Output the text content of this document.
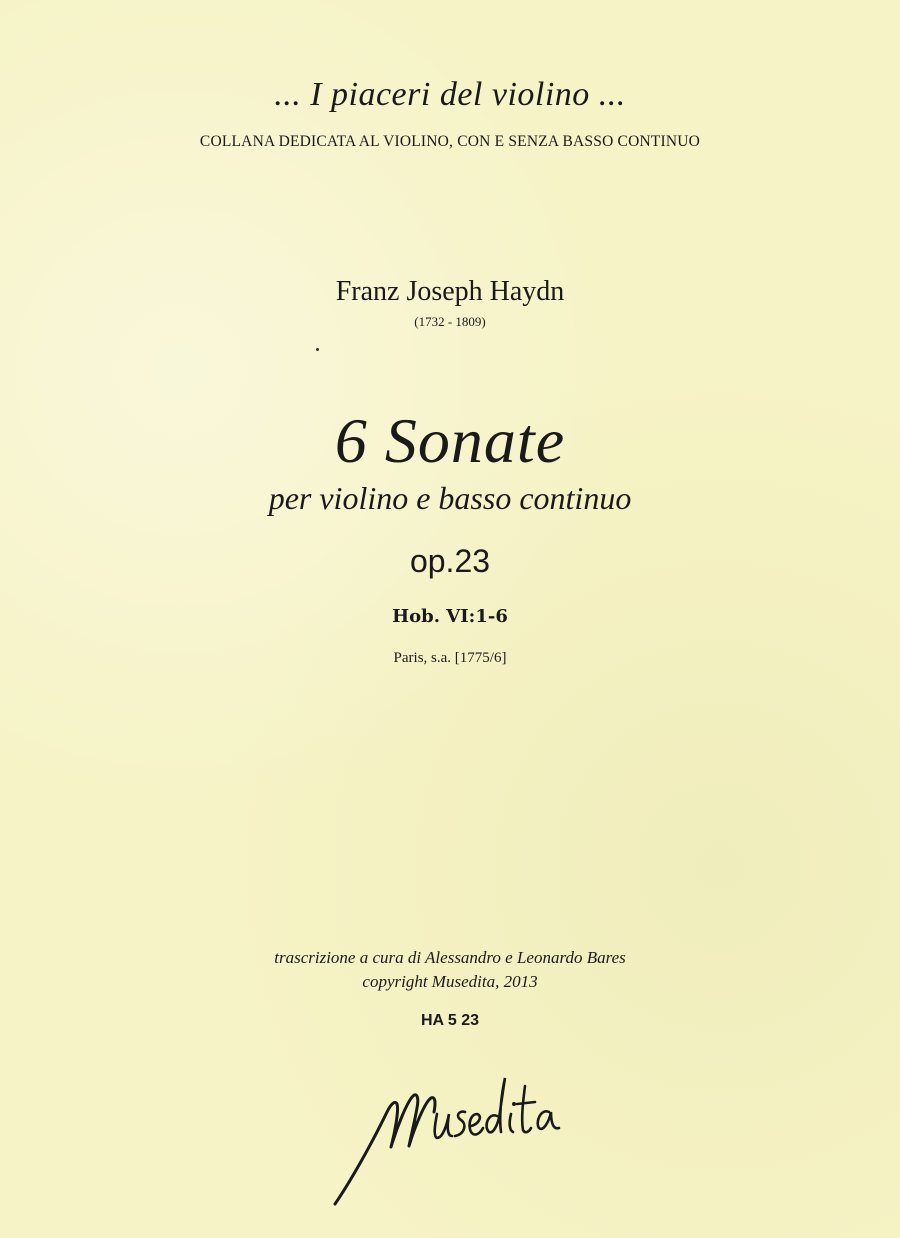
... I piaceri del violino ...
COLLANA DEDICATA AL VIOLINO, CON E SENZA BASSO CONTINUO
Franz Joseph Haydn
(1732 - 1809)
6 Sonate
per violino e basso continuo
op.23
Hob. VI:1-6
Paris, s.a. [1775/6]
trascrizione a cura di Alessandro e Leonardo Bares
copyright Musedita, 2013
HA 5 23
